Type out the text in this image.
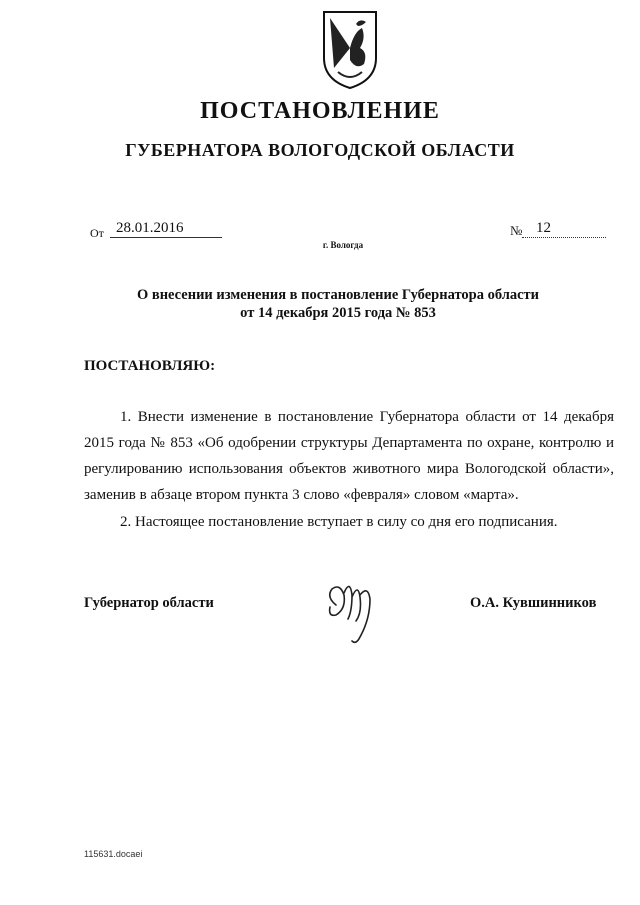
ПОСТАНОВЛЕНИЕ
ГУБЕРНАТОРА ВОЛОГОДСКОЙ ОБЛАСТИ
От 28.01.2016	№ 12
г. Вологда
О внесении изменения в постановление Губернатора области
от 14 декабря 2015 года № 853
ПОСТАНОВЛЯЮ:
1. Внести изменение в постановление Губернатора области от 14 декабря 2015 года № 853 «Об одобрении структуры Департамента по охране, контролю и регулированию использования объектов животного мира Вологодской области», заменив в абзаце втором пункта 3 слово «февраля» словом «марта».
2. Настоящее постановление вступает в силу со дня его подписания.
Губернатор области	О.А. Кувшинников
115631.docaei
